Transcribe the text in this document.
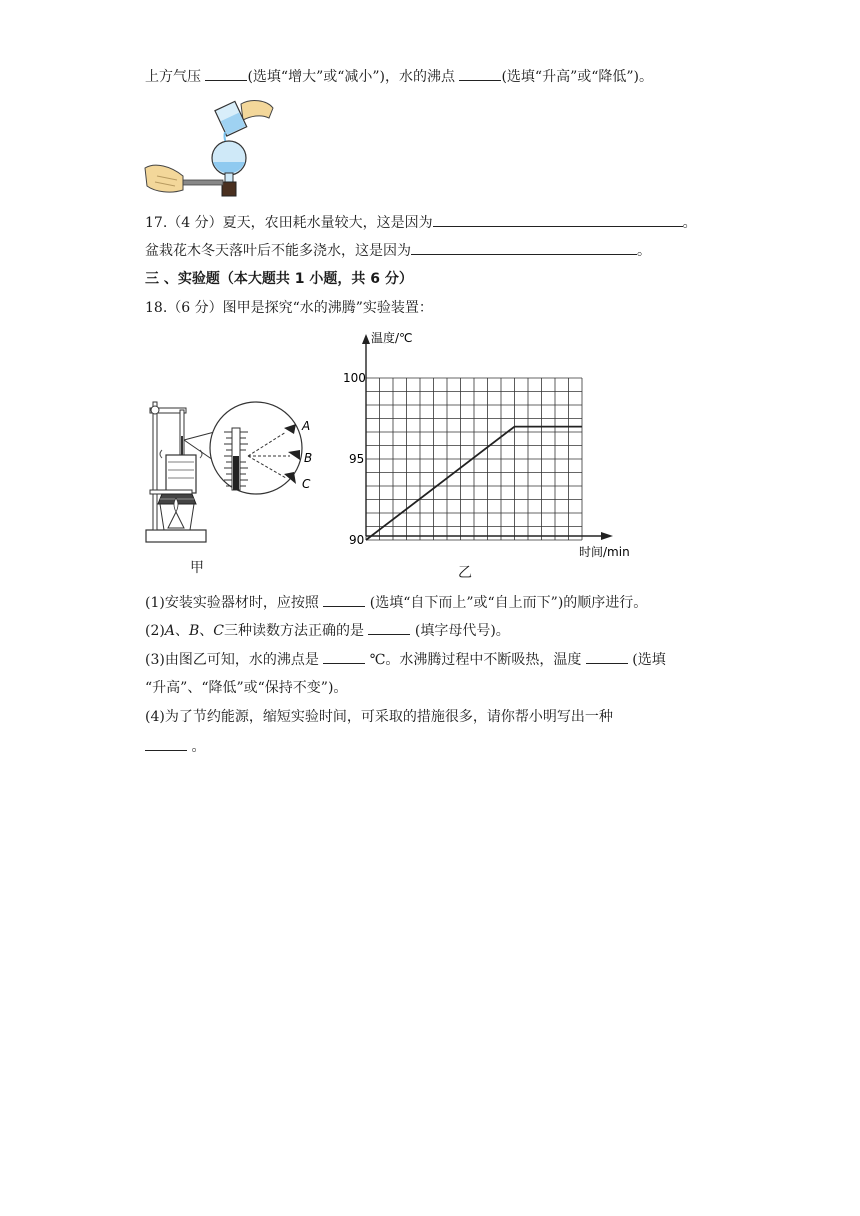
上方气压	(选填“增大”或“减小”)，水的沸点	(选填“升高”或“降低”)。
17.（4 分）夏天，农田耗水量较大，这是因为	。
盆栽花木冬天落叶后不能多浇水，这是因为	。
三 、实验题（本大题共 1 小题，共 6 分）
18.（6 分）图甲是探究“水的沸腾”实验装置：
A
B
C
甲
温度/℃
时间/min
100
95
90
乙
(1)安装实验器材时，应按照	(选填“自下而上”或“自上而下”)的顺序进行。
(2)A、B、C三种读数方法正确的是	(填字母代号)。
(3)由图乙可知，水的沸点是	℃。水沸腾过程中不断吸热，温度	(选填
“升高”、“降低”或“保持不变”)。
(4)为了节约能源，缩短实验时间，可采取的措施很多，请你帮小明写出一种
。
